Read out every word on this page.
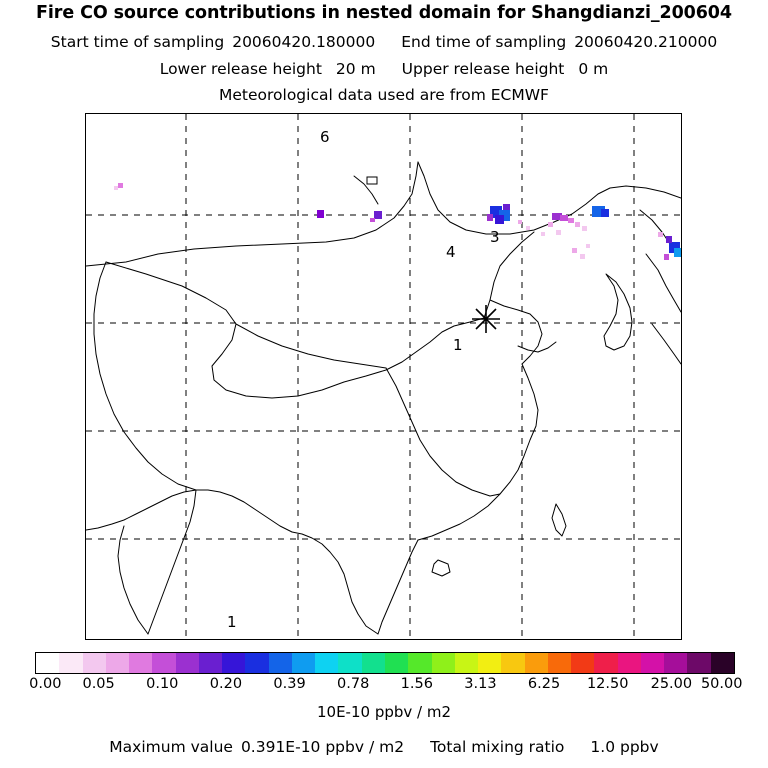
Fire CO source contributions in nested domain for Shangdianzi_200604
Start time of sampling 20060420.180000 End time of sampling 20060420.210000
Lower release height 20 m Upper release height 0 m
Meteorological data used are from ECMWF
6
3
4
1
1
0.00 0.05 0.10 0.20 0.39 0.78 1.56 3.13 6.25 12.50 25.00 50.00
10E-10 ppbv / m2
Maximum value 0.391E-10 ppbv / m2 Total mixing ratio 1.0 ppbv
